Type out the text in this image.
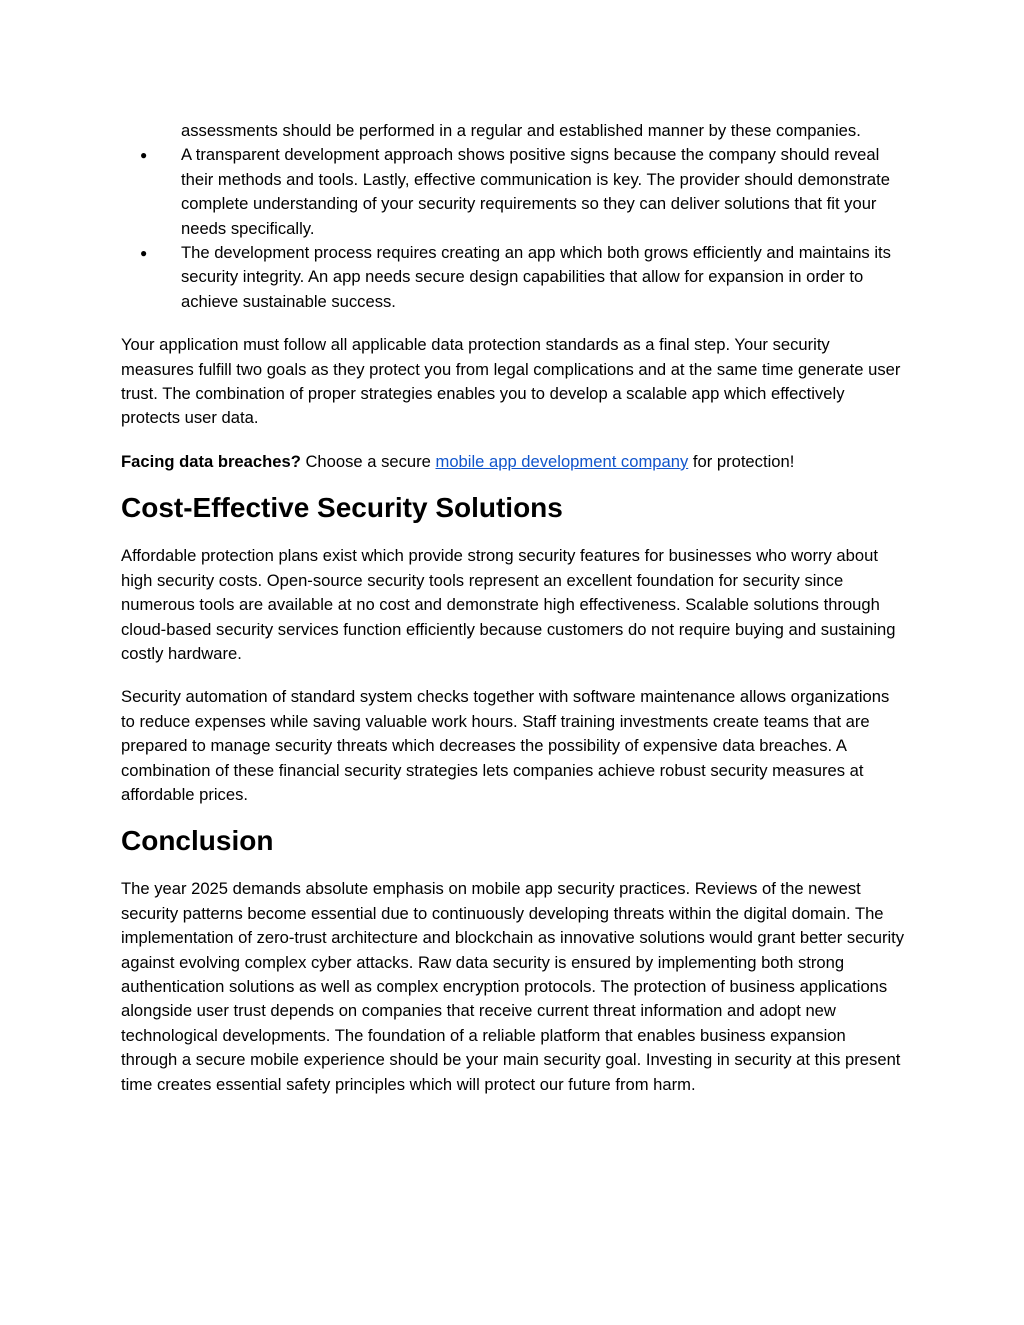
assessments should be performed in a regular and established manner by these companies.
● A transparent development approach shows positive signs because the company should reveal their methods and tools. Lastly, effective communication is key. The provider should demonstrate complete understanding of your security requirements so they can deliver solutions that fit your needs specifically.
● The development process requires creating an app which both grows efficiently and maintains its security integrity. An app needs secure design capabilities that allow for expansion in order to achieve sustainable success.

Your application must follow all applicable data protection standards as a final step. Your security measures fulfill two goals as they protect you from legal complications and at the same time generate user trust. The combination of proper strategies enables you to develop a scalable app which effectively protects user data.

Facing data breaches? Choose a secure mobile app development company for protection!

Cost-Effective Security Solutions

Affordable protection plans exist which provide strong security features for businesses who worry about high security costs. Open-source security tools represent an excellent foundation for security since numerous tools are available at no cost and demonstrate high effectiveness. Scalable solutions through cloud-based security services function efficiently because customers do not require buying and sustaining costly hardware.

Security automation of standard system checks together with software maintenance allows organizations to reduce expenses while saving valuable work hours. Staff training investments create teams that are prepared to manage security threats which decreases the possibility of expensive data breaches. A combination of these financial security strategies lets companies achieve robust security measures at affordable prices.

Conclusion

The year 2025 demands absolute emphasis on mobile app security practices. Reviews of the newest security patterns become essential due to continuously developing threats within the digital domain. The implementation of zero-trust architecture and blockchain as innovative solutions would grant better security against evolving complex cyber attacks. Raw data security is ensured by implementing both strong authentication solutions as well as complex encryption protocols. The protection of business applications alongside user trust depends on companies that receive current threat information and adopt new technological developments. The foundation of a reliable platform that enables business expansion through a secure mobile experience should be your main security goal. Investing in security at this present time creates essential safety principles which will protect our future from harm.
